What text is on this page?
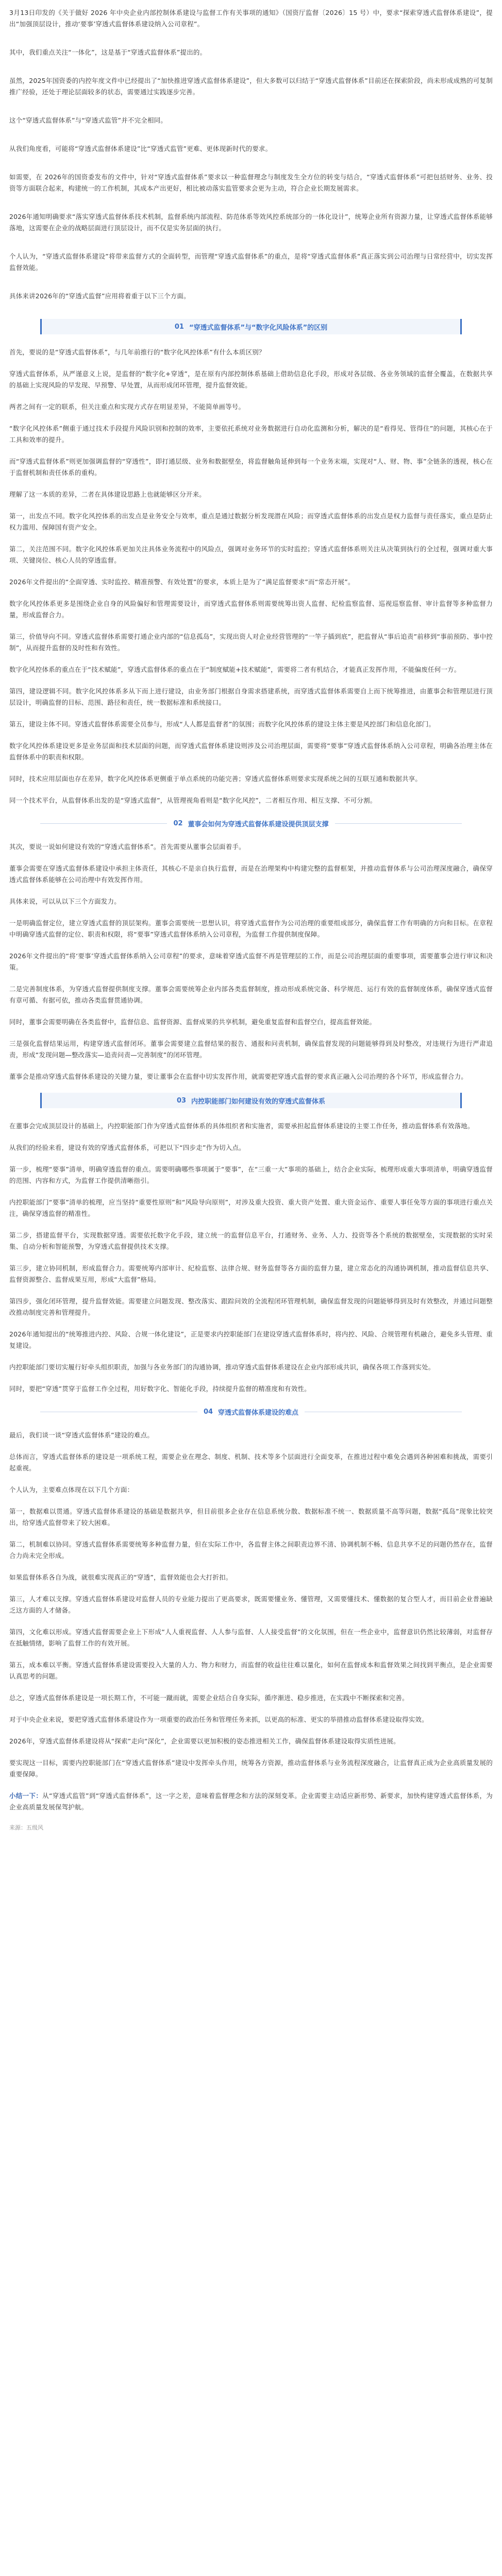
3月13日印发的《关于做好 2026 年中央企业内部控制体系建设与监督工作有关事项的通知》（国资厅监督〔2026〕15 号）中，要求“探索穿透式监督体系建设”，提出“加强顶层设计，推动‘要事’穿透式监督体系建设纳入公司章程”。

其中，我们重点关注“一体化”，这是基于“穿透式监督体系”提出的。

虽然，2025年国资委的内控年度文件中已经提出了“加快推进穿透式监督体系建设”，但大多数可以归结于“穿透式监督体系”目前还在探索阶段，尚未形成成熟的可复制推广经验，还处于理论层面较多的状态，需要通过实践逐步完善。

这个“穿透式监督体系”与“穿透式监管”并不完全相同。

从我们角度看，可能将“穿透式监督体系建设”比“穿透式监管”更难、更体现新时代的要求。

如需要，在 2026年的国资委发布的文件中，针对“穿透式监督体系”要求以一种监督理念与制度发生全方位的转变与结合，“穿透式监督体系”可把包括财务、业务、投资等方面联合起来，构建统一的工作机制，其成本产出更好，相比被动落实监管要求会更为主动，符合企业长期发展需求。

2026年通知明确要求“落实穿透式监督体系技术机制，监督系统内部流程、防范体系等效风控系统部分的一体化设计”，统筹企业所有资源力量，让穿透式监督体系能够落地，这需要在企业的战略层面进行顶层设计，而不仅是实务层面的执行。

个人认为，“穿透式监督体系建设”将带来监督方式的全面转型，而管理“穿透式监督体系”的重点，是将“穿透式监督体系”真正落实到公司治理与日常经营中，切实发挥监督效能。

具体来讲2026年的“穿透式监督”应用将着重于以下三个方面。

01 “穿透式监督体系”与“数字化风险体系”的区别

首先，要说的是“穿透式监督体系”，与几年前推行的“数字化风控体系”有什么本质区别？

穿透式监督体系，从严谨意义上说，是监督的“数字化+穿透”，是在原有内部控制体系基础上借助信息化手段，形成对各层级、各业务领域的监督全覆盖，在数据共享的基础上实现风险的早发现、早预警、早处置，从而形成闭环管理，提升监督效能。

两者之间有一定的联系，但关注重点和实现方式存在明显差异，不能简单画等号。

“数字化风控体系”侧重于通过技术手段提升风险识别和控制的效率，主要依托系统对业务数据进行自动化监测和分析，解决的是“看得见、管得住”的问题，其核心在于工具和效率的提升。

而“穿透式监督体系”则更加强调监督的“穿透性”，即打通层级、业务和数据壁垒，将监督触角延伸到每一个业务末端，实现对“人、财、物、事”全链条的透视，核心在于监督机制和责任体系的重构。

理解了这一本质的差异，二者在具体建设思路上也就能够区分开来。

第一，出发点不同。数字化风控体系的出发点是业务安全与效率，重点是通过数据分析发现潜在风险；而穿透式监督体系的出发点是权力监督与责任落实，重点是防止权力滥用、保障国有资产安全。

第二，关注范围不同。数字化风控体系更加关注具体业务流程中的风险点，强调对业务环节的实时监控；穿透式监督体系则关注从决策到执行的全过程，强调对重大事项、关键岗位、核心人员的穿透监督。

2026年文件提出的“全面穿透、实时监控、精准预警、有效处置”的要求，本质上是为了“满足监督要求”而“常态开展”。

数字化风控体系更多是围绕企业自身的风险偏好和管理需要设计，而穿透式监督体系则需要统筹出资人监督、纪检监察监督、巡视巡察监督、审计监督等多种监督力量，形成监督合力。

第三，价值导向不同。穿透式监督体系需要打通企业内部的“信息孤岛”，实现出资人对企业经营管理的“一竿子插到底”，把监督从“事后追责”前移到“事前预防、事中控制”，从而提升监督的及时性和有效性。

数字化风控体系的重点在于“技术赋能”，穿透式监督体系的重点在于“制度赋能+技术赋能”，需要将二者有机结合，才能真正发挥作用，不能偏废任何一方。

第四，建设逻辑不同。数字化风控体系多从下而上进行建设，由业务部门根据自身需求搭建系统，而穿透式监督体系需要自上而下统筹推进，由董事会和管理层进行顶层设计，明确监督的目标、范围、路径和责任，统一数据标准和系统接口。

第五，建设主体不同。穿透式监督体系需要全员参与，形成“人人都是监督者”的氛围；而数字化风控体系的建设主体主要是风控部门和信息化部门。

数字化风控体系建设更多是业务层面和技术层面的问题，而穿透式监督体系建设则涉及公司治理层面，需要将“要事”穿透式监督体系纳入公司章程，明确各治理主体在监督体系中的职责和权限。

同时，技术应用层面也存在差异，数字化风控体系更侧重于单点系统的功能完善；穿透式监督体系则要求实现系统之间的互联互通和数据共享。

同一个技术平台，从监督体系出发的是“穿透式监督”，从管理视角看则是“数字化风控”，二者相互作用、相互支撑、不可分割。

02 董事会如何为穿透式监督体系建设提供顶层支撑

其次，要说一说如何建设有效的“穿透式监督体系”。首先需要从董事会层面着手。

董事会需要在穿透式监督体系建设中承担主体责任，其核心不是亲自执行监督，而是在治理架构中构建完整的监督框架，并推动监督体系与公司治理深度融合，确保穿透式监督体系能够在公司治理中有效发挥作用。

具体来说，可以从以下三个方面发力。

一是明确监督定位，建立穿透式监督的顶层架构。董事会需要统一思想认识，将穿透式监督作为公司治理的重要组成部分，确保监督工作有明确的方向和目标。在章程中明确穿透式监督的定位、职责和权限，将“要事”穿透式监督体系纳入公司章程，为监督工作提供制度保障。

2026年文件提出的“将‘要事’穿透式监督体系纳入公司章程”的要求，意味着穿透式监督不再是管理层的工作，而是公司治理层面的重要事项，需要董事会进行审议和决策。

二是完善制度体系，为穿透式监督提供制度支撑。董事会需要统筹企业内部各类监督制度，推动形成系统完备、科学规范、运行有效的监督制度体系，确保穿透式监督有章可循、有据可依，推动各类监督贯通协调。

同时，董事会需要明确在各类监督中，监督信息、监督资源、监督成果的共享机制，避免重复监督和监督空白，提高监督效能。

三是强化监督结果运用，构建穿透式监督闭环。董事会需要建立监督结果的报告、通报和问责机制，确保监督发现的问题能够得到及时整改，对违规行为进行严肃追责，形成“发现问题—整改落实—追责问责—完善制度”的闭环管理。

董事会是推动穿透式监督体系建设的关键力量，要让董事会在监督中切实发挥作用，就需要把穿透式监督的要求真正融入公司治理的各个环节，形成监督合力。

03 内控职能部门如何建设有效的穿透式监督体系

在董事会完成顶层设计的基础上，内控职能部门作为穿透式监督体系的具体组织者和实施者，需要承担起监督体系建设的主要工作任务，推动监督体系有效落地。

从我们的经验来看，建设有效的穿透式监督体系，可把以下“四步走”作为切入点。

第一步，梳理“要事”清单，明确穿透监督的重点。需要明确哪些事项属于“要事”，在“三重一大”事项的基础上，结合企业实际，梳理形成重大事项清单，明确穿透监督的范围、内容和方式，为监督工作提供清晰指引。

内控职能部门“要事”清单的梳理，应当坚持“重要性原则”和“风险导向原则”，对涉及重大投资、重大资产处置、重大资金运作、重要人事任免等方面的事项进行重点关注，确保穿透监督的精准性。

第二步，搭建监督平台，实现数据穿透。需要依托数字化手段，建立统一的监督信息平台，打通财务、业务、人力、投资等各个系统的数据壁垒，实现数据的实时采集、自动分析和智能预警，为穿透式监督提供技术支撑。

第三步，建立协同机制，形成监督合力。需要统筹内部审计、纪检监察、法律合规、财务监督等各方面的监督力量，建立常态化的沟通协调机制，推动监督信息共享、监督资源整合、监督成果互用，形成“大监督”格局。

第四步，强化闭环管理，提升监督效能。需要建立问题发现、整改落实、跟踪问效的全流程闭环管理机制，确保监督发现的问题能够得到及时有效整改，并通过问题整改推动制度完善和管理提升。

2026年通知提出的“统筹推进内控、风险、合规一体化建设”，正是要求内控职能部门在建设穿透式监督体系时，将内控、风险、合规管理有机融合，避免多头管理、重复建设。

内控职能部门要切实履行好牵头组织职责，加强与各业务部门的沟通协调，推动穿透式监督体系建设在企业内部形成共识，确保各项工作落到实处。

同时，要把“穿透”贯穿于监督工作全过程，用好数字化、智能化手段，持续提升监督的精准度和有效性。

04 穿透式监督体系建设的难点

最后，我们谈一谈“穿透式监督体系”建设的难点。

总体而言，穿透式监督体系的建设是一项系统工程，需要企业在理念、制度、机制、技术等多个层面进行全面变革，在推进过程中难免会遇到各种困难和挑战，需要引起重视。

个人认为，主要难点体现在以下几个方面：

第一，数据难以贯通。穿透式监督体系建设的基础是数据共享，但目前很多企业存在信息系统分散、数据标准不统一、数据质量不高等问题，数据“孤岛”现象比较突出，给穿透式监督带来了较大困难。

第二，机制难以协同。穿透式监督体系需要统筹多种监督力量，但在实际工作中，各监督主体之间职责边界不清、协调机制不畅、信息共享不足的问题仍然存在，监督合力尚未完全形成。

如果监督体系各自为战，就很难实现真正的“穿透”，监督效能也会大打折扣。

第三，人才难以支撑。穿透式监督体系建设对监督人员的专业能力提出了更高要求，既需要懂业务、懂管理，又需要懂技术、懂数据的复合型人才，而目前企业普遍缺乏这方面的人才储备。

第四，文化难以形成。穿透式监督需要企业上下形成“人人重视监督、人人参与监督、人人接受监督”的文化氛围，但在一些企业中，监督意识仍然比较薄弱，对监督存在抵触情绪，影响了监督工作的有效开展。

第五，成本难以平衡。穿透式监督体系建设需要投入大量的人力、物力和财力，而监督的收益往往难以量化，如何在监督成本和监督效果之间找到平衡点，是企业需要认真思考的问题。

总之，穿透式监督体系建设是一项长期工作，不可能一蹴而就，需要企业结合自身实际，循序渐进、稳步推进，在实践中不断探索和完善。

对于中央企业来说，要把穿透式监督体系建设作为一项重要的政治任务和管理任务来抓，以更高的标准、更实的举措推动监督体系建设取得实效。

2026年，穿透式监督体系建设将从“探索”走向“深化”，企业需要以更加积极的姿态推进相关工作，确保监督体系建设取得实质性进展。

要实现这一目标，需要内控职能部门在“穿透式监督体系”建设中发挥牵头作用，统筹各方资源，推动监督体系与业务流程深度融合，让监督真正成为企业高质量发展的重要保障。

小结一下：从“穿透式监管”到“穿透式监督体系”，这一字之差，意味着监督理念和方法的深刻变革。企业需要主动适应新形势、新要求，加快构建穿透式监督体系，为企业高质量发展保驾护航。

来源：五级风
